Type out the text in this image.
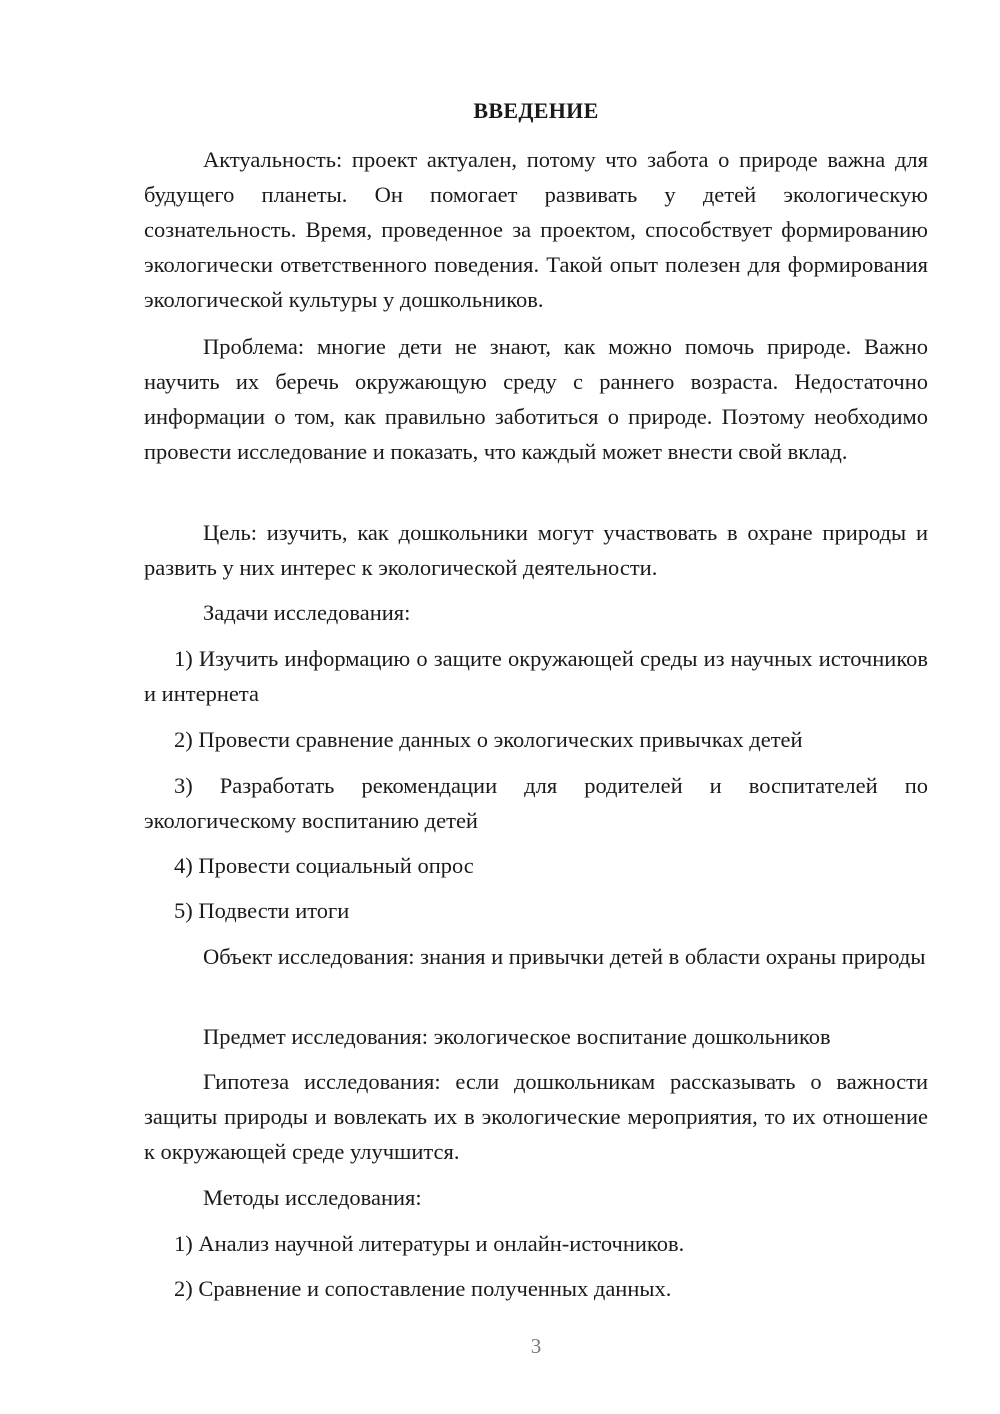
ВВЕДЕНИЕ

Актуальность: проект актуален, потому что забота о природе важна для будущего планеты. Он помогает развивать у детей экологическую сознательность. Время, проведенное за проектом, способствует формированию экологически ответственного поведения. Такой опыт полезен для формирования экологической культуры у дошкольников.

Проблема: многие дети не знают, как можно помочь природе. Важно научить их беречь окружающую среду с раннего возраста. Недостаточно информации о том, как правильно заботиться о природе. Поэтому необходимо провести исследование и показать, что каждый может внести свой вклад.

Цель: изучить, как дошкольники могут участвовать в охране природы и развить у них интерес к экологической деятельности.

Задачи исследования:

1) Изучить информацию о защите окружающей среды из научных источников и интернета

2) Провести сравнение данных о экологических привычках детей

3) Разработать рекомендации для родителей и воспитателей по экологическому воспитанию детей

4) Провести социальный опрос

5) Подвести итоги

Объект исследования: знания и привычки детей в области охраны природы

Предмет исследования: экологическое воспитание дошкольников

Гипотеза исследования: если дошкольникам рассказывать о важности защиты природы и вовлекать их в экологические мероприятия, то их отношение к окружающей среде улучшится.

Методы исследования:

1) Анализ научной литературы и онлайн-источников.

2) Сравнение и сопоставление полученных данных.

3
